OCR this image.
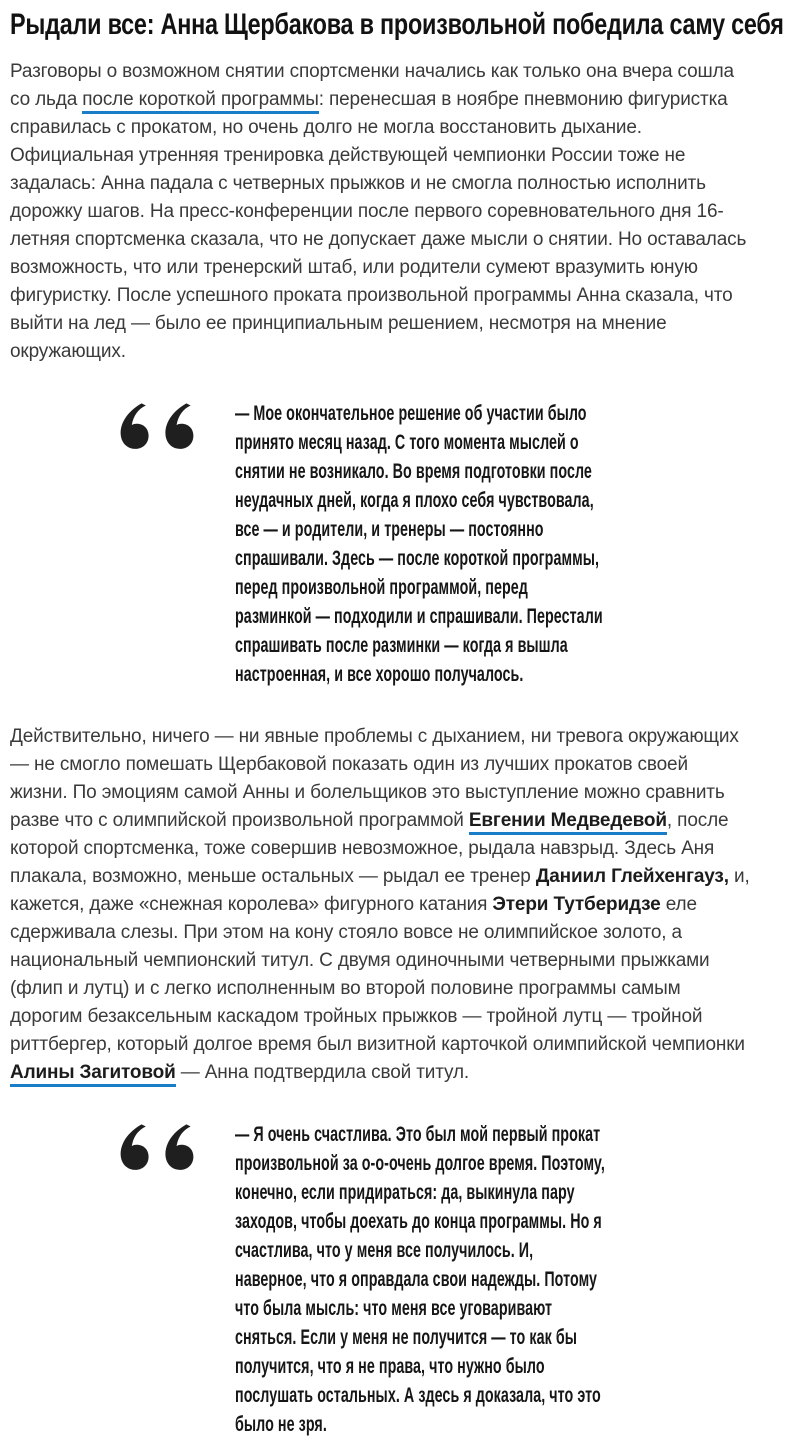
Рыдали все: Анна Щербакова в произвольной победила саму себя

Разговоры о возможном снятии спортсменки начались как только она вчера сошла со льда после короткой программы: перенесшая в ноябре пневмонию фигуристка справилась с прокатом, но очень долго не могла восстановить дыхание. Официальная утренняя тренировка действующей чемпионки России тоже не задалась: Анна падала с четверных прыжков и не смогла полностью исполнить дорожку шагов. На пресс-конференции после первого соревновательного дня 16-летняя спортсменка сказала, что не допускает даже мысли о снятии. Но оставалась возможность, что или тренерский штаб, или родители сумеют вразумить юную фигуристку. После успешного проката произвольной программы Анна сказала, что выйти на лед — было ее принципиальным решением, несмотря на мнение окружающих.

— Мое окончательное решение об участии было принято месяц назад. С того момента мыслей о снятии не возникало. Во время подготовки после неудачных дней, когда я плохо себя чувствовала, все — и родители, и тренеры — постоянно спрашивали. Здесь — после короткой программы, перед произвольной программой, перед разминкой — подходили и спрашивали. Перестали спрашивать после разминки — когда я вышла настроенная, и все хорошо получалось.

Действительно, ничего — ни явные проблемы с дыханием, ни тревога окружающих — не смогло помешать Щербаковой показать один из лучших прокатов своей жизни. По эмоциям самой Анны и болельщиков это выступление можно сравнить разве что с олимпийской произвольной программой Евгении Медведевой, после которой спортсменка, тоже совершив невозможное, рыдала навзрыд. Здесь Аня плакала, возможно, меньше остальных — рыдал ее тренер Даниил Глейхенгауз, и, кажется, даже «снежная королева» фигурного катания Этери Тутберидзе еле сдерживала слезы. При этом на кону стояло вовсе не олимпийское золото, а национальный чемпионский титул. С двумя одиночными четверными прыжками (флип и лутц) и с легко исполненным во второй половине программы самым дорогим безаксельным каскадом тройных прыжков — тройной лутц — тройной риттбергер, который долгое время был визитной карточкой олимпийской чемпионки Алины Загитовой — Анна подтвердила свой титул.

— Я очень счастлива. Это был мой первый прокат произвольной за о-о-очень долгое время. Поэтому, конечно, если придираться: да, выкинула пару заходов, чтобы доехать до конца программы. Но я счастлива, что у меня все получилось. И, наверное, что я оправдала свои надежды. Потому что была мысль: что меня все уговаривают сняться. Если у меня не получится — то как бы получится, что я не права, что нужно было послушать остальных. А здесь я доказала, что это было не зря.
